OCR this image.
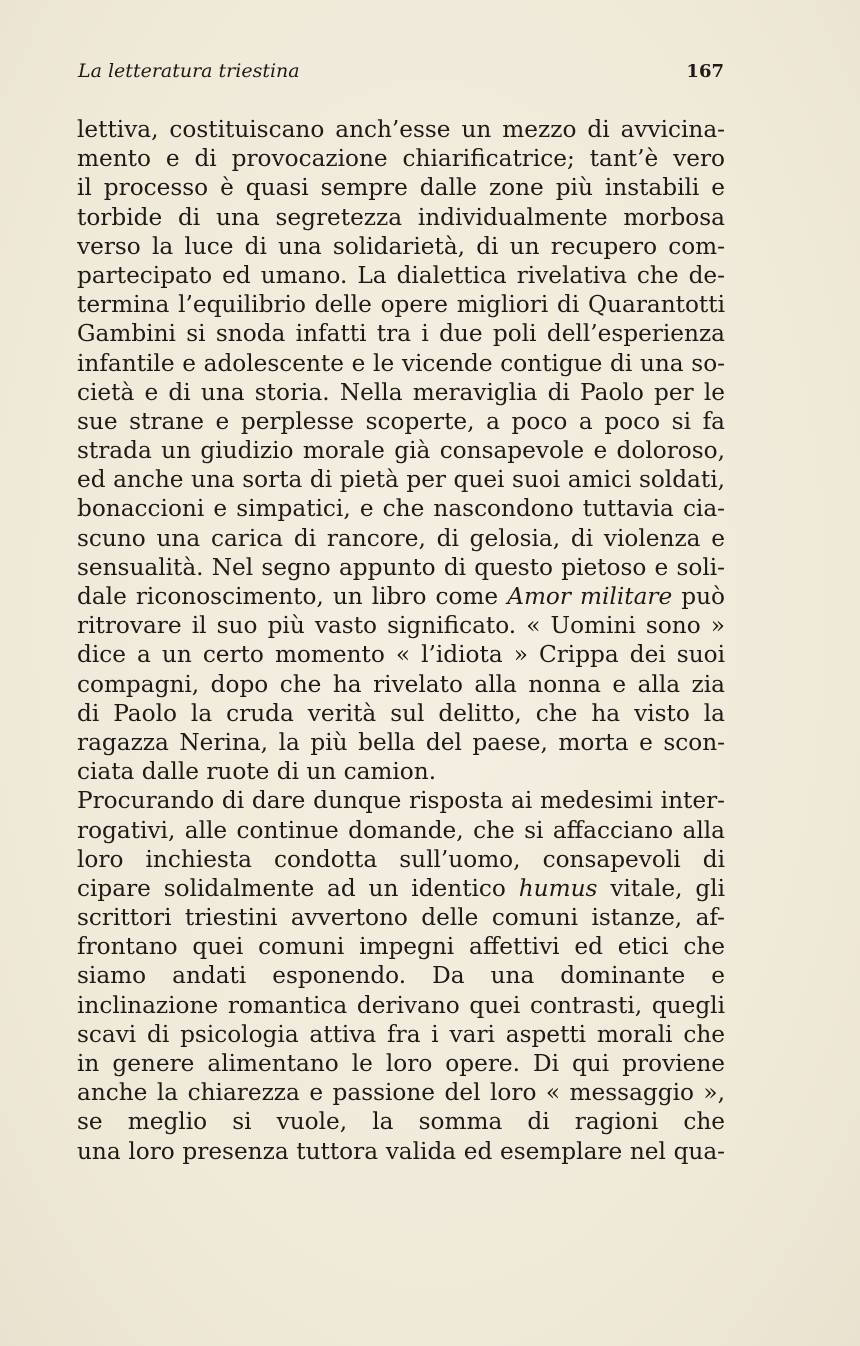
La letteratura triestina	167
lettiva, costituiscano anch’esse un mezzo di avvicina-
mento e di provocazione chiarificatrice; tant’è vero
il processo è quasi sempre dalle zone più instabili e
torbide di una segretezza individualmente morbosa
verso la luce di una solidarietà, di un recupero com-
partecipato ed umano. La dialettica rivelativa che de-
termina l’equilibrio delle opere migliori di Quarantotti
Gambini si snoda infatti tra i due poli dell’esperienza
infantile e adolescente e le vicende contigue di una so-
cietà e di una storia. Nella meraviglia di Paolo per le
sue strane e perplesse scoperte, a poco a poco si fa
strada un giudizio morale già consapevole e doloroso,
ed anche una sorta di pietà per quei suoi amici soldati,
bonaccioni e simpatici, e che nascondono tuttavia cia-
scuno una carica di rancore, di gelosia, di violenza e
sensualità. Nel segno appunto di questo pietoso e soli-
dale riconoscimento, un libro come Amor militare può
ritrovare il suo più vasto significato. « Uomini sono »
dice a un certo momento « l’idiota » Crippa dei suoi
compagni, dopo che ha rivelato alla nonna e alla zia
di Paolo la cruda verità sul delitto, che ha visto la
ragazza Nerina, la più bella del paese, morta e scon-
ciata dalle ruote di un camion.
Procurando di dare dunque risposta ai medesimi inter-
rogativi, alle continue domande, che si affacciano alla
loro inchiesta condotta sull’uomo, consapevoli di
cipare solidalmente ad un identico humus vitale, gli
scrittori triestini avvertono delle comuni istanze, af-
frontano quei comuni impegni affettivi ed etici che
siamo andati esponendo. Da una dominante e
inclinazione romantica derivano quei contrasti, quegli
scavi di psicologia attiva fra i vari aspetti morali che
in genere alimentano le loro opere. Di qui proviene
anche la chiarezza e passione del loro « messaggio »,
se meglio si vuole, la somma di ragioni che
una loro presenza tuttora valida ed esemplare nel qua-
